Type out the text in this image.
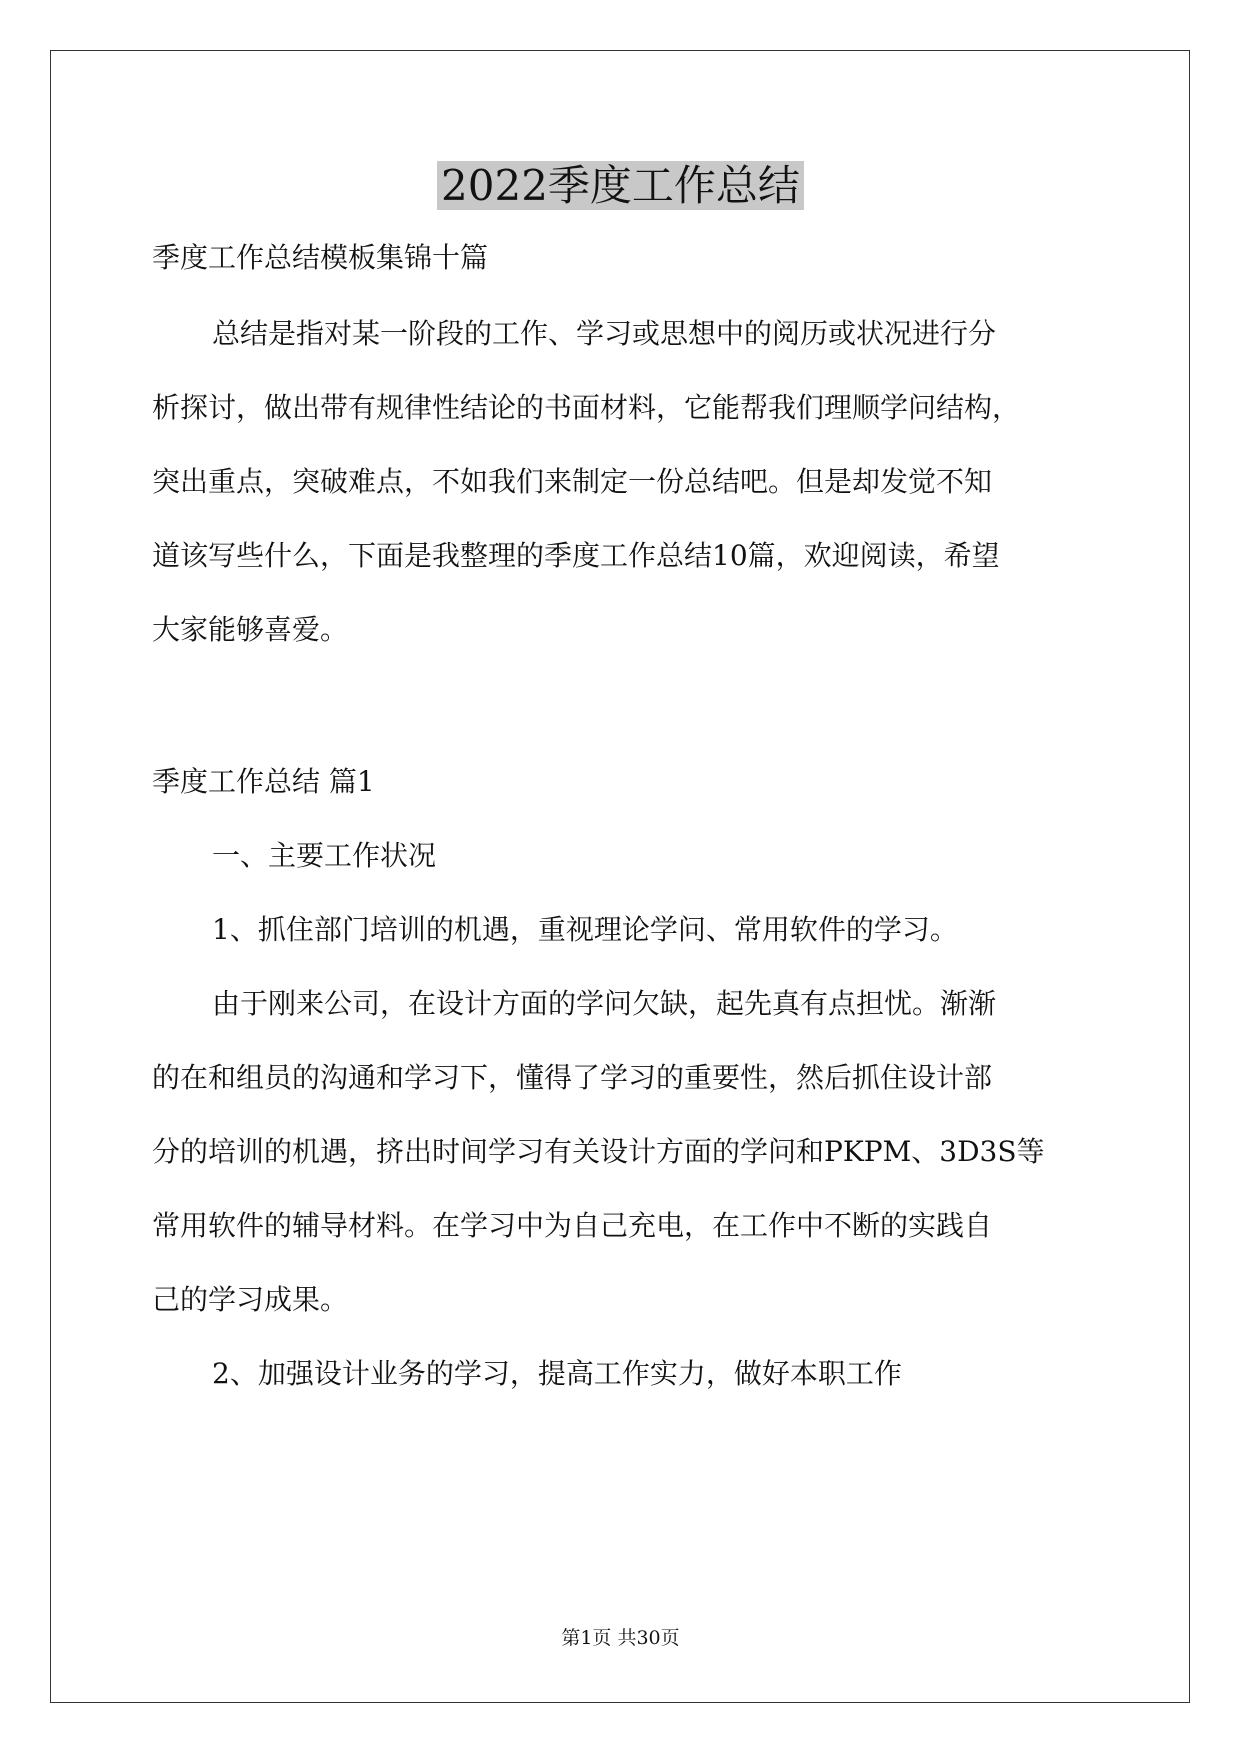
2022季度工作总结
季度工作总结模板集锦十篇
总结是指对某一阶段的工作、学习或思想中的阅历或状况进行分
析探讨，做出带有规律性结论的书面材料，它能帮我们理顺学问结构，
突出重点，突破难点，不如我们来制定一份总结吧。但是却发觉不知
道该写些什么，下面是我整理的季度工作总结10篇，欢迎阅读，希望
大家能够喜爱。
季度工作总结 篇1
一、主要工作状况
1、抓住部门培训的机遇，重视理论学问、常用软件的学习。
由于刚来公司，在设计方面的学问欠缺，起先真有点担忧。渐渐
的在和组员的沟通和学习下，懂得了学习的重要性，然后抓住设计部
分的培训的机遇，挤出时间学习有关设计方面的学问和PKPM、3D3S等
常用软件的辅导材料。在学习中为自己充电，在工作中不断的实践自
己的学习成果。
2、加强设计业务的学习，提高工作实力，做好本职工作
第1页 共30页
